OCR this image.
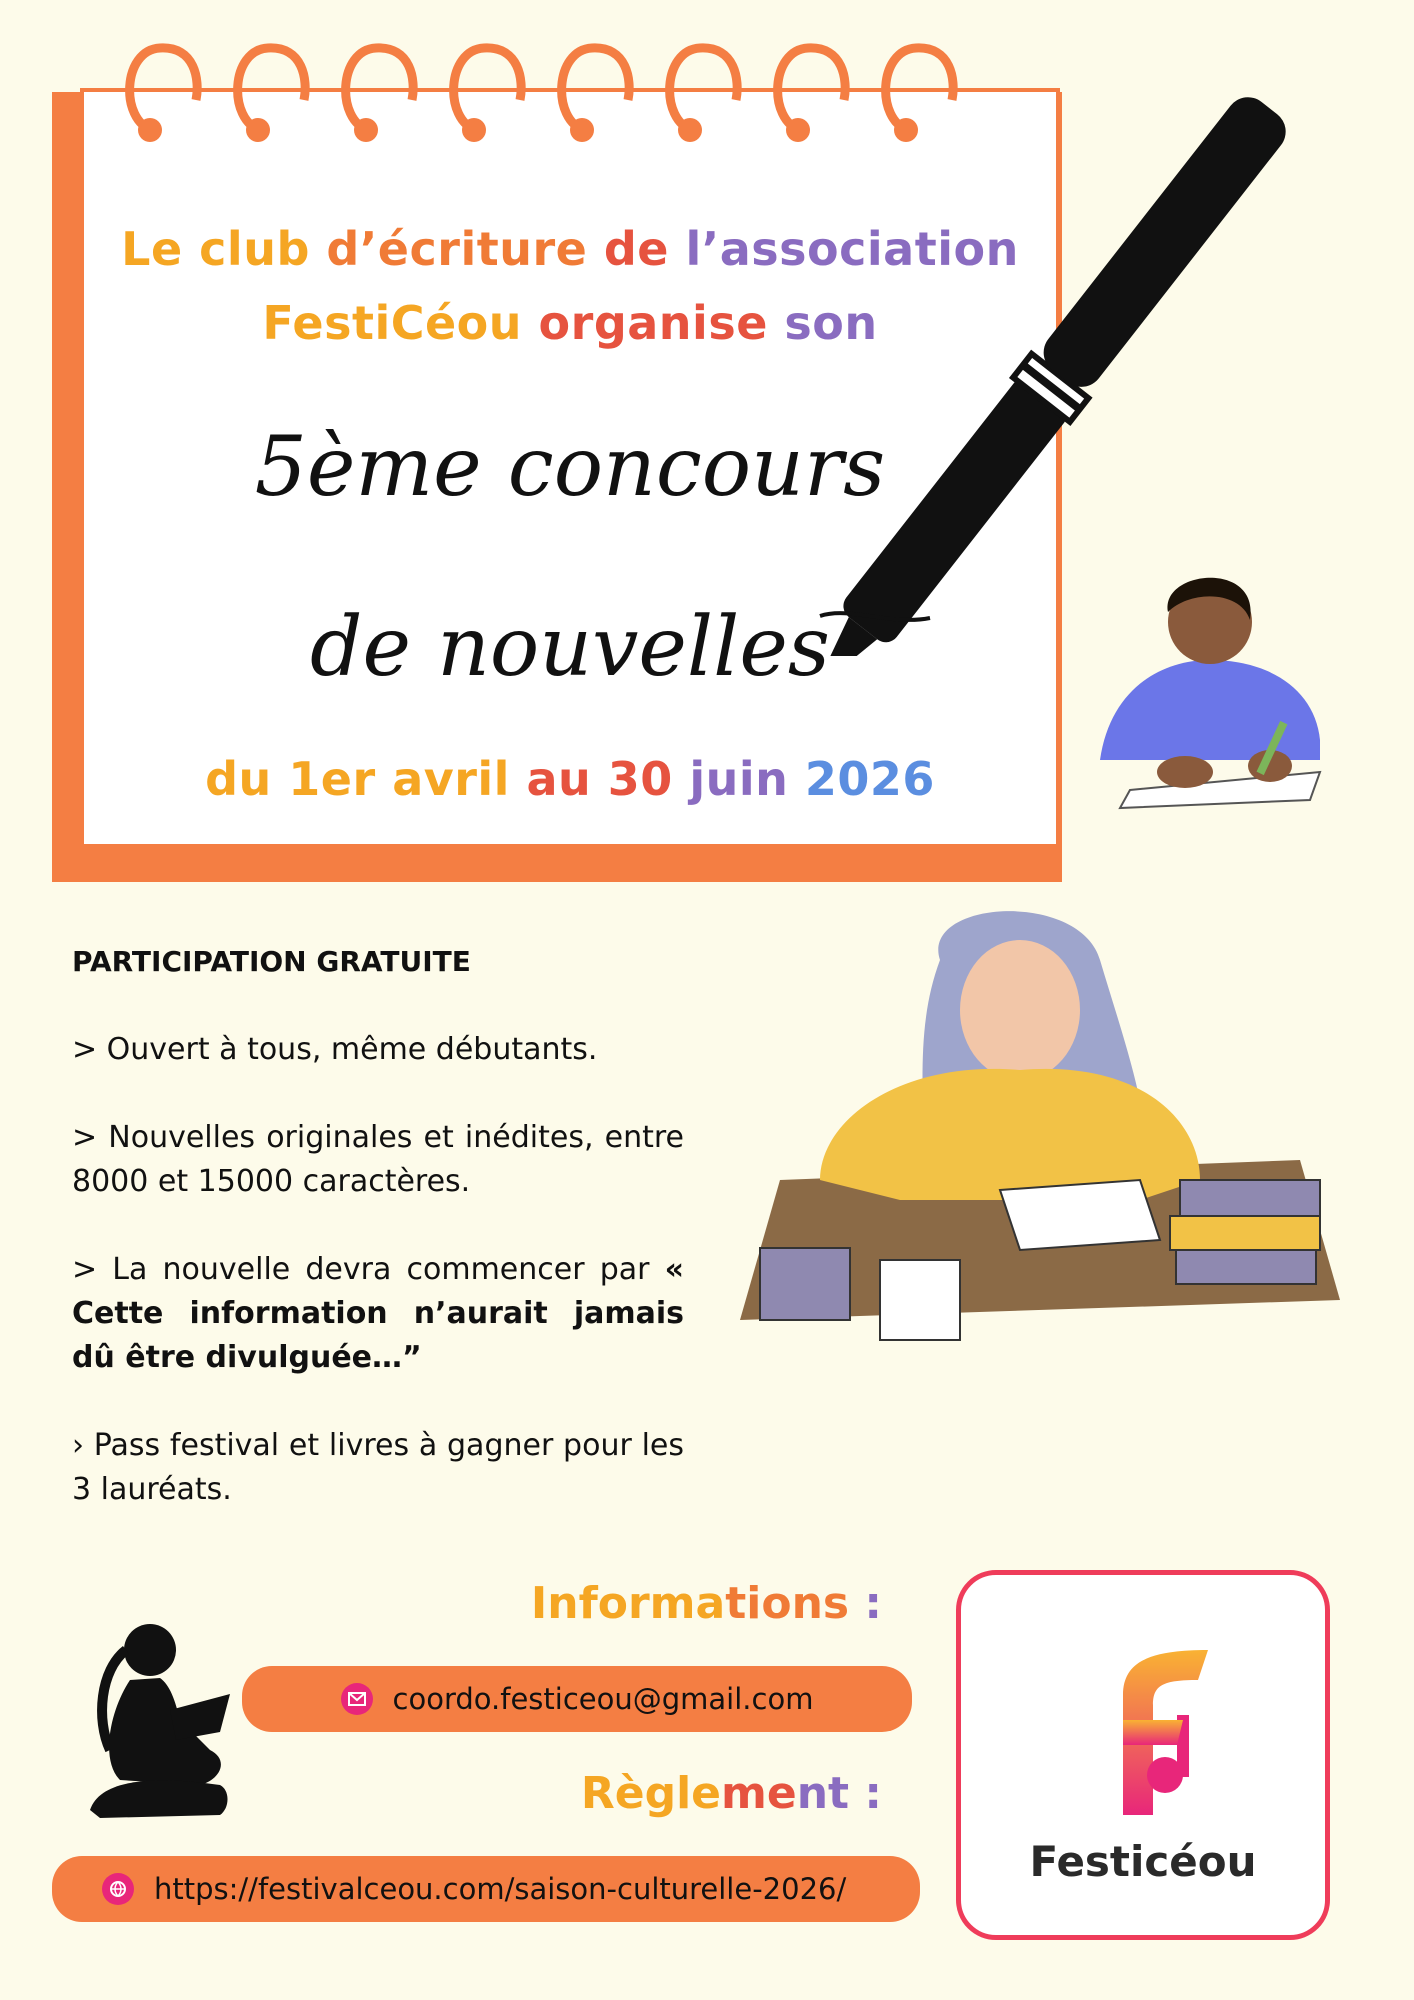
Le club d’écriture de l’association
FestiCéou organise son
5ème concours
de nouvelles
du 1er avril au 30 juin 2026

PARTICIPATION GRATUITE

> Ouvert à tous, même débutants.

> Nouvelles originales et inédites, entre 8000 et 15000 caractères.

> La nouvelle devra commencer par « Cette information n’aurait jamais dû être divulguée…”

› Pass festival et livres à gagner pour les 3 lauréats.

Informations :
coordo.festiceou@gmail.com
Règlement :
https://festivalceou.com/saison-culturelle-2026/
Festicéou
